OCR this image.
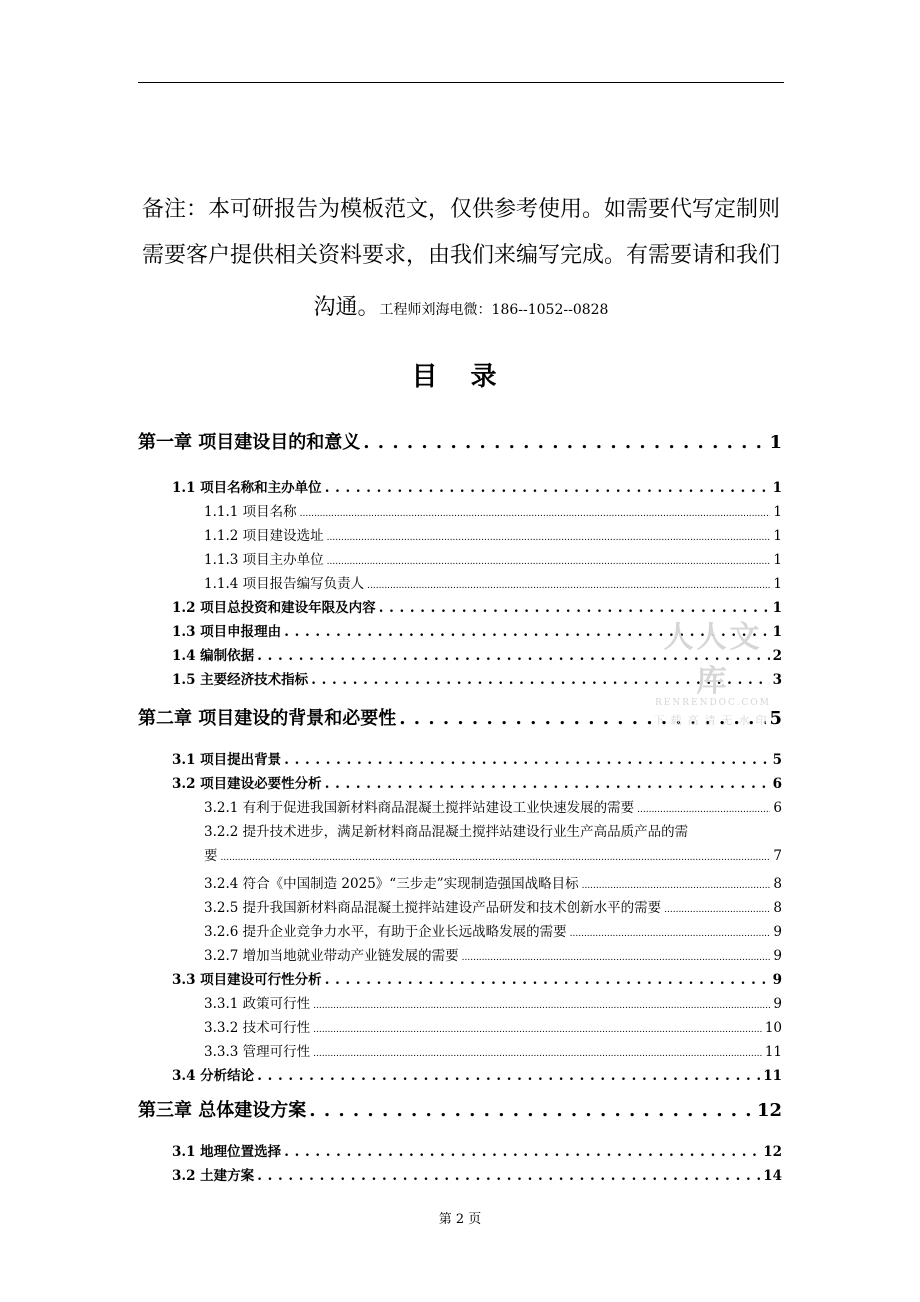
备注：本可研报告为模板范文，仅供参考使用。如需要代写定制则
需要客户提供相关资料要求，由我们来编写完成。有需要请和我们
沟通。工程师刘海电微：186--1052--0828
目 录
第一章 项目建设目的和意义 . . .	1
1.1 项目名称和主办单位 . . .	1
1.1.1 项目名称 .....	1
1.1.2 项目建设选址 .....	1
1.1.3 项目主办单位 .....	1
1.1.4 项目报告编写负责人 .....	1
1.2 项目总投资和建设年限及内容 . . .	1
1.3 项目申报理由 . . .	1
1.4 编制依据 . . .	2
1.5 主要经济技术指标 . . .	3
第二章 项目建设的背景和必要性 . . .	5
3.1 项目提出背景 . . .	5
3.2 项目建设必要性分析 . . .	6
3.2.1 有利于促进我国新材料商品混凝土搅拌站建设工业快速发展的需要 .....	6
3.2.2 提升技术进步，满足新材料商品混凝土搅拌站建设行业生产高品质产品的需
要 .....	7
3.2.4 符合《中国制造 2025》“三步走”实现制造强国战略目标 .....	8
3.2.5 提升我国新材料商品混凝土搅拌站建设产品研发和技术创新水平的需要 .....	8
3.2.6 提升企业竞争力水平，有助于企业长远战略发展的需要 .....	9
3.2.7 增加当地就业带动产业链发展的需要 .....	9
3.3 项目建设可行性分析 . . .	9
3.3.1 政策可行性 .....	9
3.3.2 技术可行性 .....	10
3.3.3 管理可行性 .....	11
3.4 分析结论 . . .	11
第三章 总体建设方案 . . .	12
3.1 地理位置选择 . . .	12
3.2 土建方案 . . .	14
人人文库
RENRENDOC.COM
下载高清无水印
第 2 页
